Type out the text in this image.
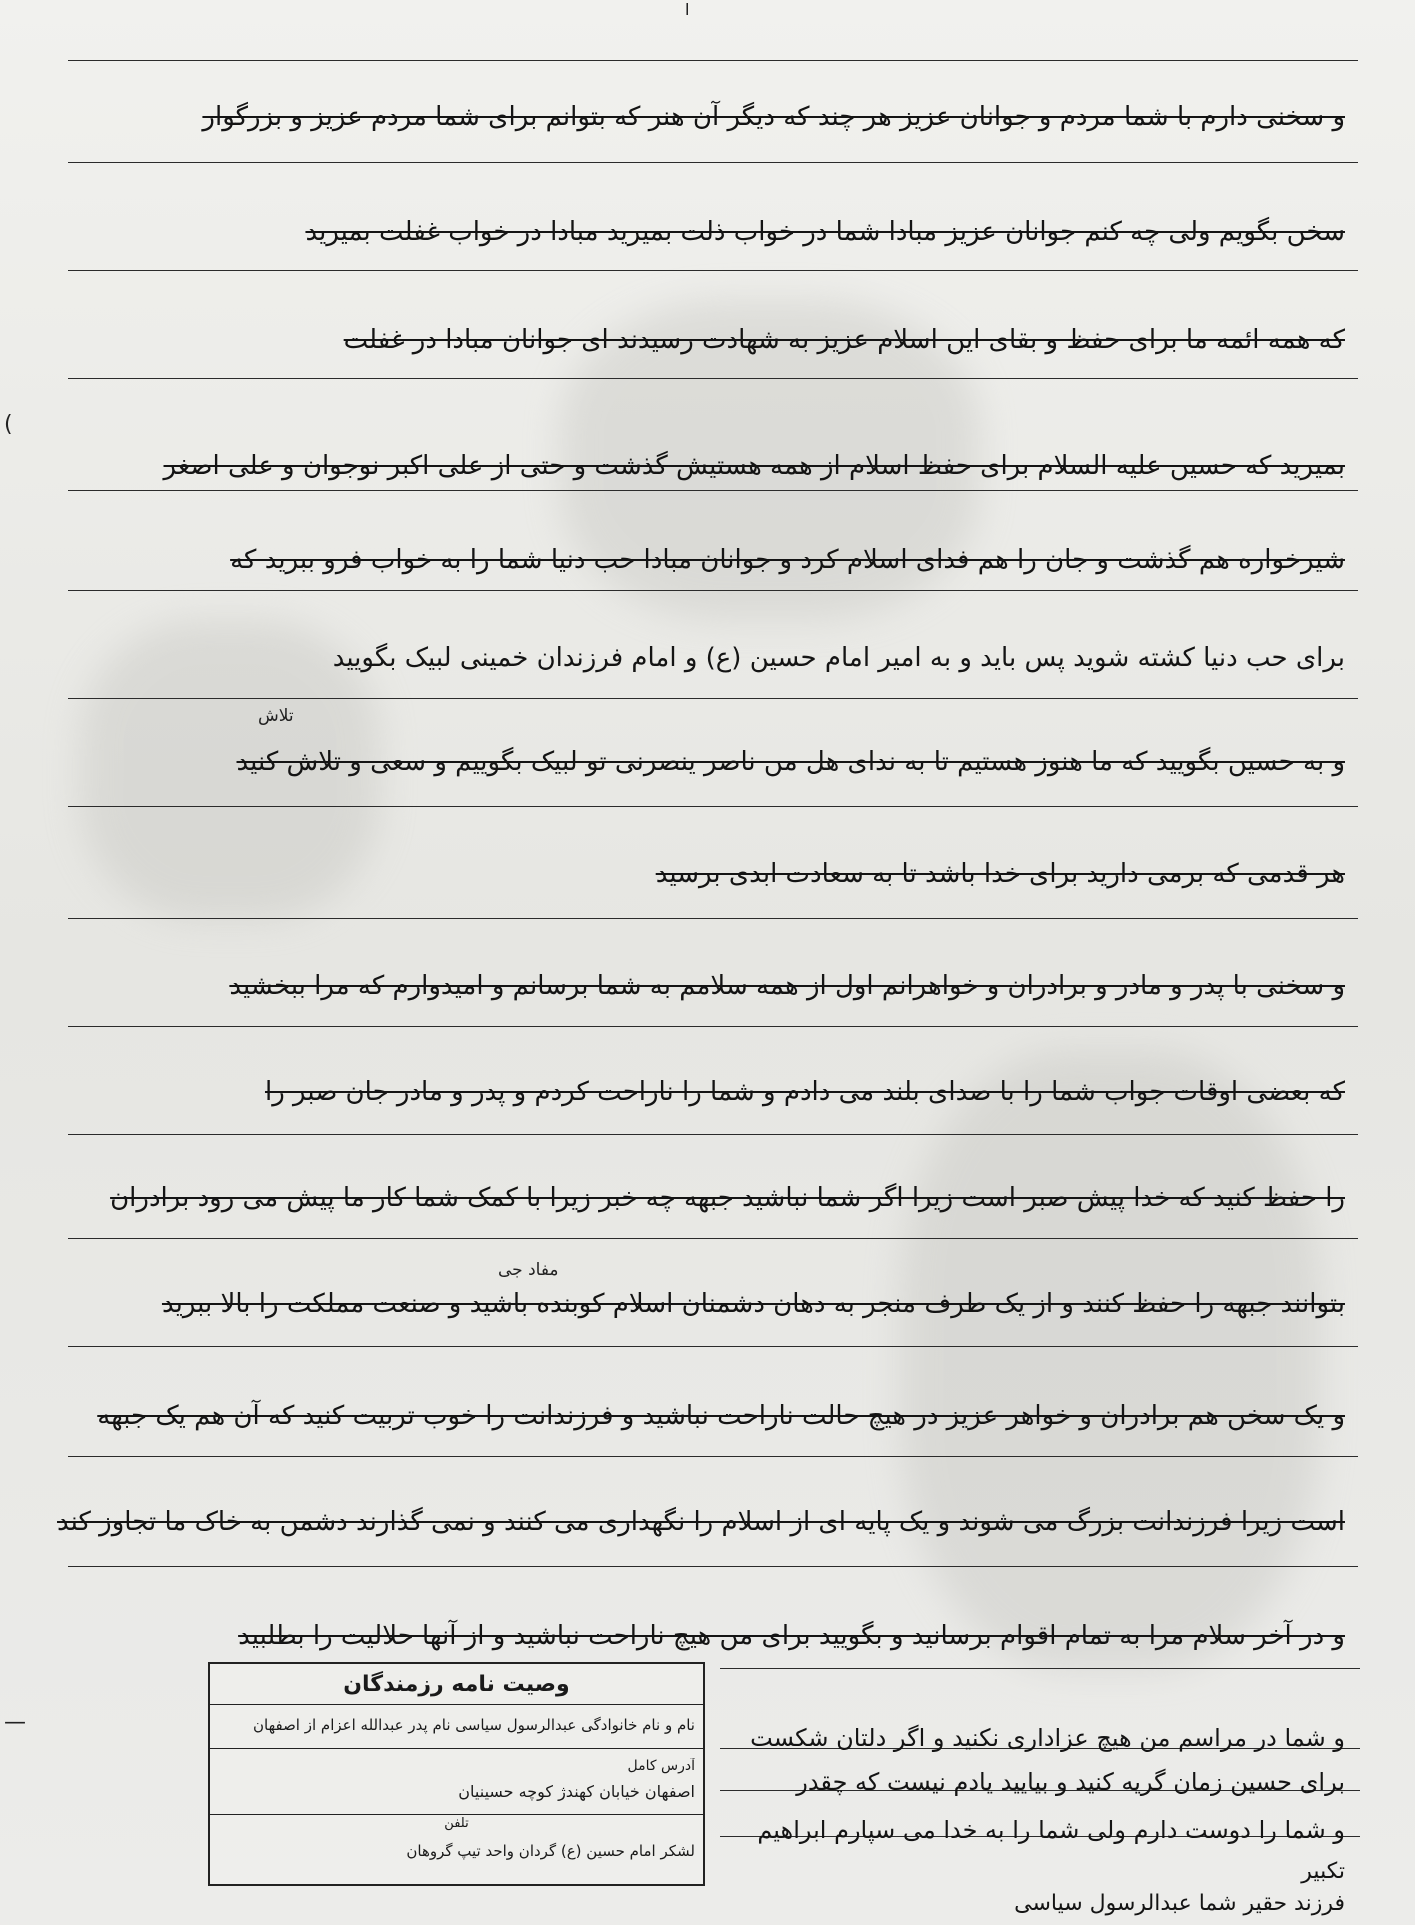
ا
(
—
و سخنی دارم با شما مردم و جوانان عزیز هر چند که دیگر آن هنر که بتوانم برای شما مردم عزیز و بزرگوار
سخن بگویم ولی چه کنم جوانان عزیز مبادا شما در خواب ذلت بمیرید مبادا در خواب غفلت بمیرید
که همه ائمه ما برای حفظ و بقای این اسلام عزیز به شهادت رسیدند ای جوانان مبادا در غفلت
بمیرید که حسین علیه السلام برای حفظ اسلام از همه هستیش گذشت و حتی از علی اکبر نوجوان و علی اصغر
شیرخواره هم گذشت و جان را هم فدای اسلام کرد و جوانان مبادا حب دنیا شما را به خواب فرو ببرید که
برای حب دنیا کشته شوید پس باید و به امیر امام حسین (ع) و امام فرزندان خمینی لبیک بگویید
تلاش
و به حسین بگویید که ما هنوز هستیم تا به ندای هل من ناصر ینصرنی تو لبیک بگوییم و سعی و تلاش کنید
هر قدمی که برمی دارید برای خدا باشد تا به سعادت ابدی برسید
و سخنی با پدر و مادر و برادران و خواهرانم اول از همه سلامم به شما برسانم و امیدوارم که مرا ببخشید
که بعضی اوقات جواب شما را با صدای بلند می دادم و شما را ناراحت کردم و پدر و مادر جان صبر را
را حفظ کنید که خدا پیش صبر است زیرا اگر شما نباشید جبهه چه خبر زیرا با کمک شما کار ما پیش می رود برادران
مفاد جی
بتوانند جبهه را حفظ کنند و از یک طرف منجر به دهان دشمنان اسلام کوبنده باشید و صنعت مملکت را بالا ببرید
و یک سخن هم برادران و خواهر عزیز در هیچ حالت ناراحت نباشید و فرزندانت را خوب تربیت کنید که آن هم یک جبهه
است زیرا فرزندانت بزرگ می شوند و یک پایه ای از اسلام را نگهداری می کنند و نمی گذارند دشمن به خاک ما تجاوز کند
و در آخر سلام مرا به تمام اقوام برسانید و بگویید برای من هیچ ناراحت نباشید و از آنها حلالیت را بطلبید
و شما در مراسم من هیچ عزاداری نکنید و اگر دلتان شکست
برای حسین زمان گریه کنید و بیایید یادم نیست که چقدر
و شما را دوست دارم ولی شما را به خدا می سپارم ابراهیم
تکبیر
فرزند حقیر شما عبدالرسول سیاسی
وصیت نامه رزمندگان
نام و نام خانوادگی عبدالرسول سیاسی نام پدر عبدالله اعزام از اصفهان
آدرس کامل
اصفهان خیابان کهندژ کوچه حسینیان
تلفن
لشکر امام حسین (ع) گردان واحد تیپ گروهان
